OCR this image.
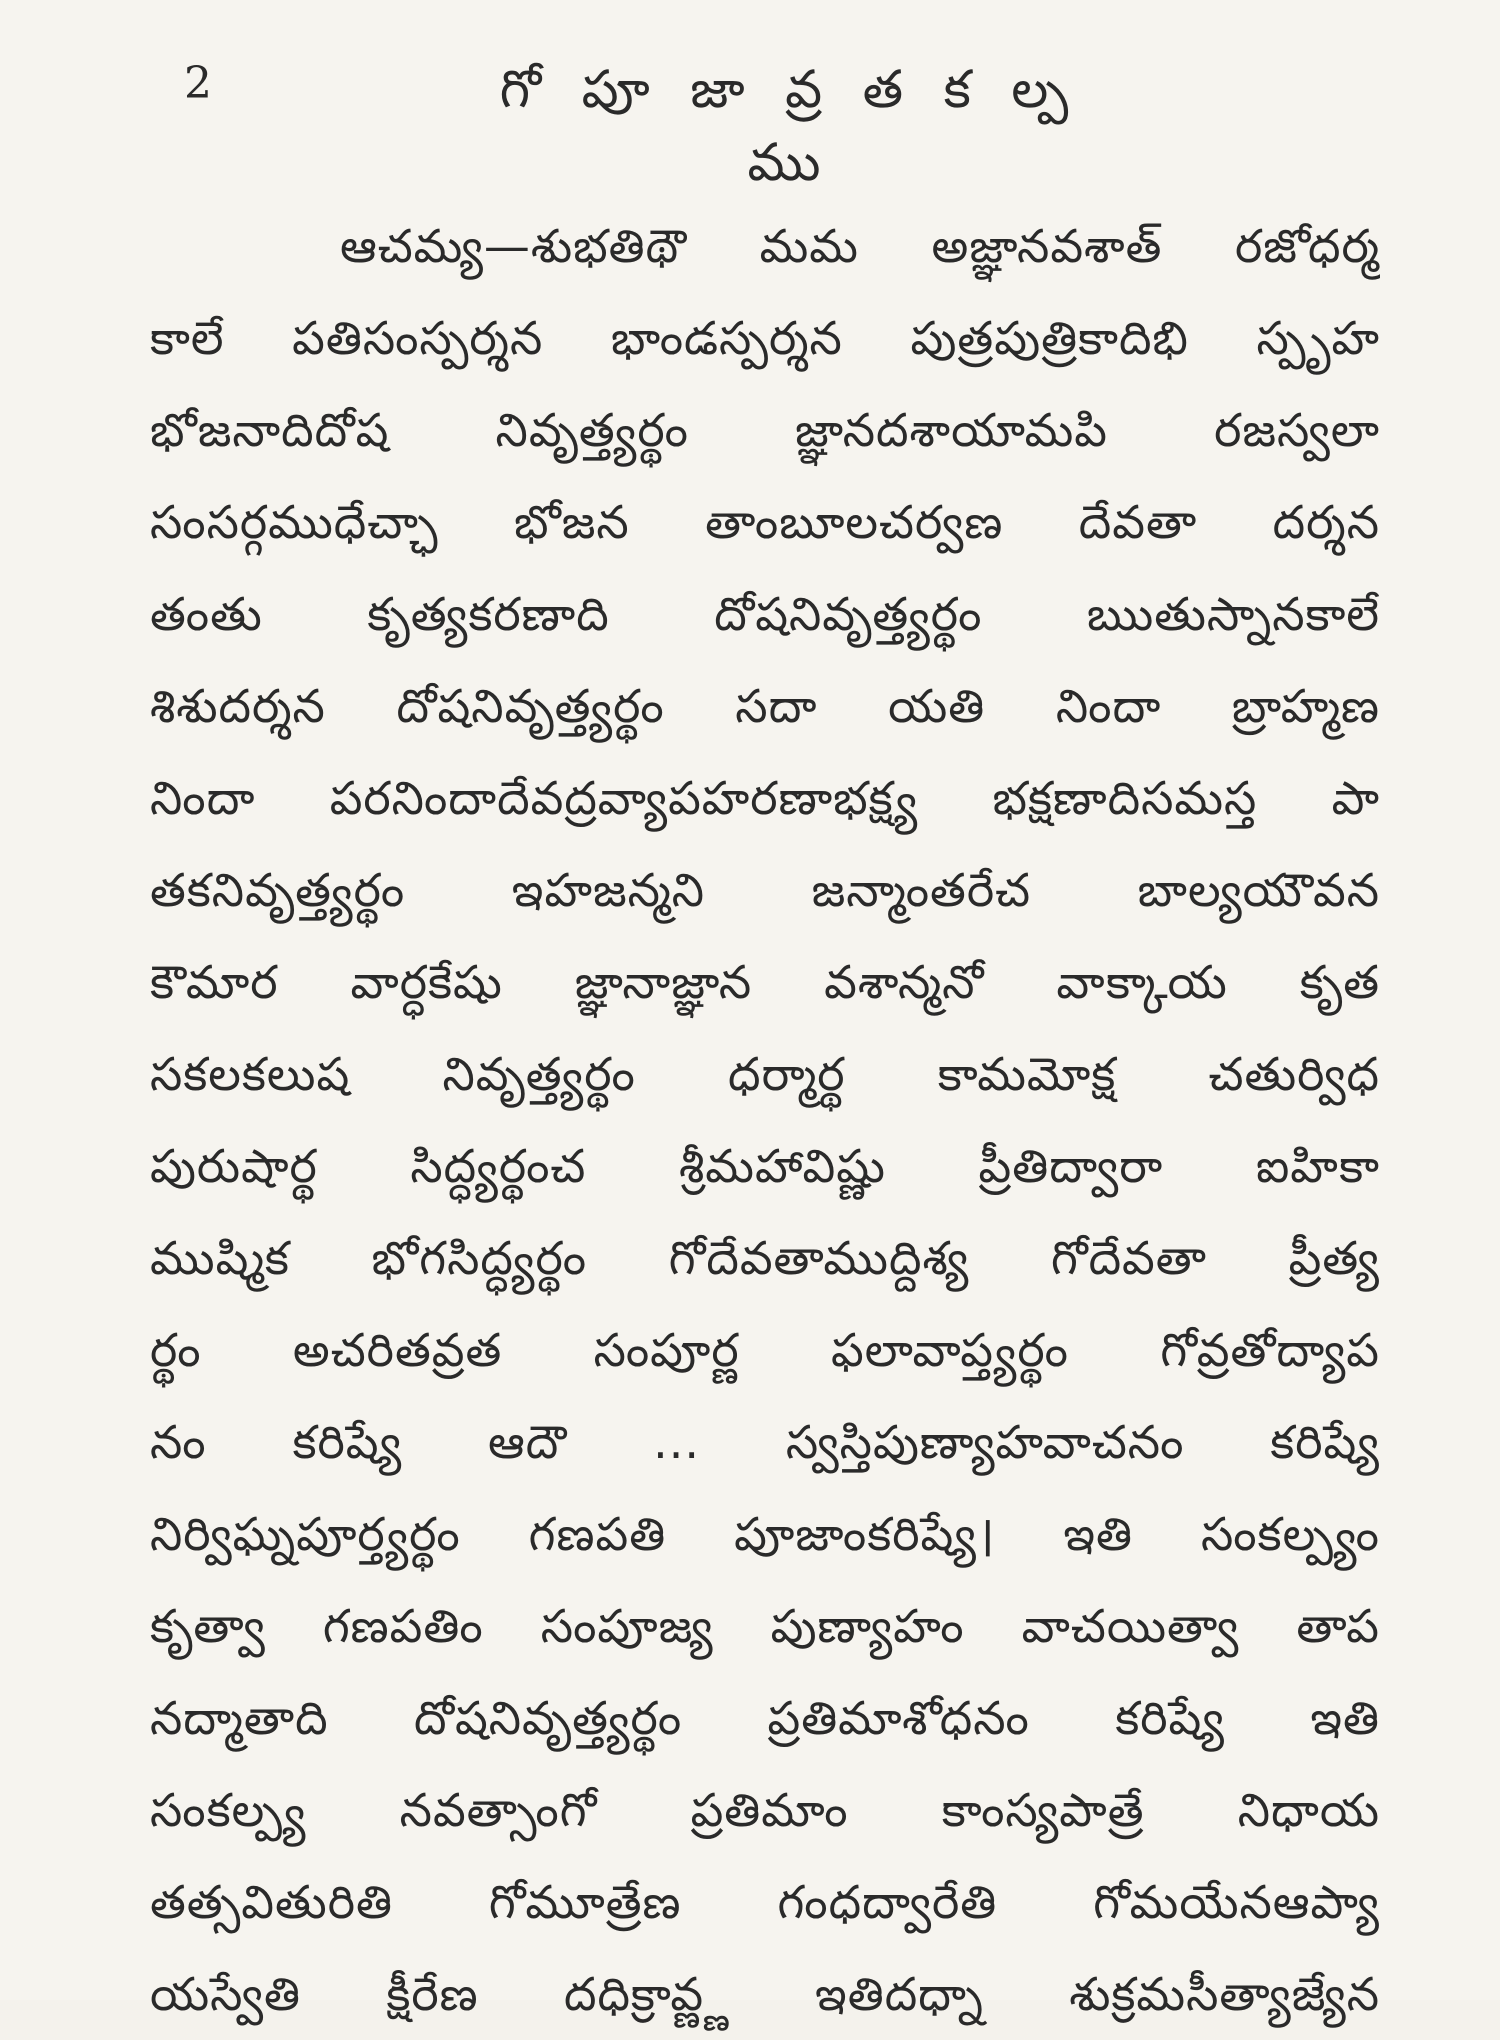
2	గో పూ జా వ్ర త క ల్ప ము
ఆచమ్య—శుభతిథౌ మమ అజ్ఞానవశాత్ రజోధర్మ
కాలే పతిసంస్పర్శన భాండస్పర్శన పుత్రపుత్రికాదిభి స్పృహ
భోజనాదిదోష నివృత్త్యర్థం జ్ఞానదశాయామపి రజస్వలా
సంసర్గముధేచ్ఛా భోజన తాంబూలచర్వణ దేవతా దర్శన
తంతు కృత్యకరణాది దోషనివృత్త్యర్థం ఋతుస్నానకాలే
శిశుదర్శన దోషనివృత్త్యర్థం సదా యతి నిందా బ్రాహ్మణ
నిందా పరనిందాదేవద్రవ్యాపహరణాభక్ష్య భక్షణాదిసమస్త పా
తకనివృత్త్యర్థం ఇహజన్మని జన్మాంతరేచ బాల్యయౌవన
కౌమార వార్ధకేషు జ్ఞానాజ్ఞాన వశాన్మనో వాక్కాయ కృత
సకలకలుష నివృత్త్యర్థం ధర్మార్థ కామమోక్ష చతుర్విధ
పురుషార్థ సిద్ధ్యర్థంచ శ్రీమహావిష్ణు ప్రీతిద్వారా ఐహికా
ముష్మిక భోగసిద్ధ్యర్థం గోదేవతాముద్దిశ్య గోదేవతా ప్రీత్య
ర్థం అచరితవ్రత సంపూర్ణ ఫలావాప్త్యర్థం గోవ్రతోద్యాప
నం కరిష్యే ఆదౌ ... స్వస్తిపుణ్యాహవాచనం కరిష్యే
నిర్విఘ్నపూర్త్యర్థం గణపతి పూజాంకరిష్యే। ఇతి సంకల్ప్యం
కృత్వా గణపతిం సంపూజ్య పుణ్యాహం వాచయిత్వా తాప
నద్మాతాది దోషనివృత్త్యర్థం ప్రతిమాశోధనం కరిష్యే ఇతి
సంకల్ప్య నవత్సాంగో ప్రతిమాం కాంస్యపాత్రే నిధాయ
తత్సవితురితి గోమూత్రేణ గంధద్వారేతి గోమయేనఆప్యా
యస్వేతి క్షీరేణ దధిక్రావ్ణ్ణ ఇతిదధ్నా శుక్రమసీత్యాజ్యేన
